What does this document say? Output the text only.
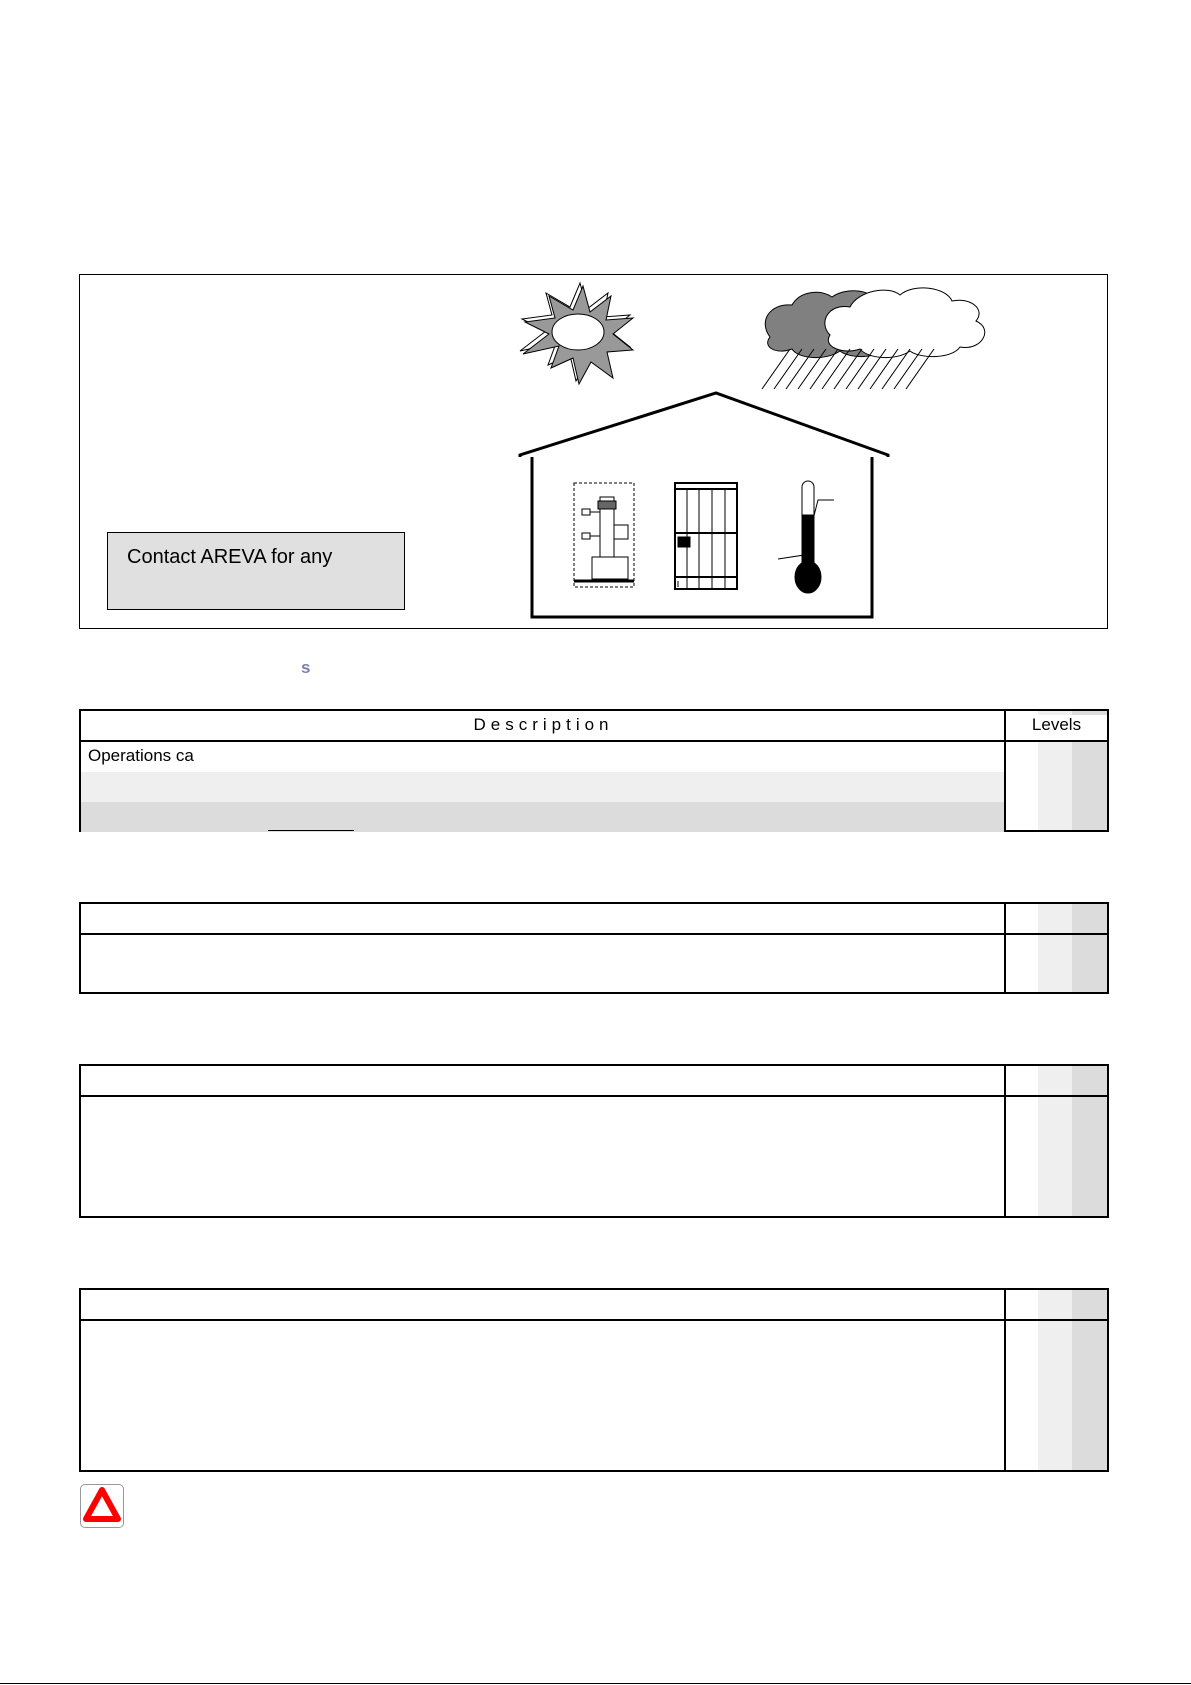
Contact AREVA for any
s
Description	Levels
Operations ca
